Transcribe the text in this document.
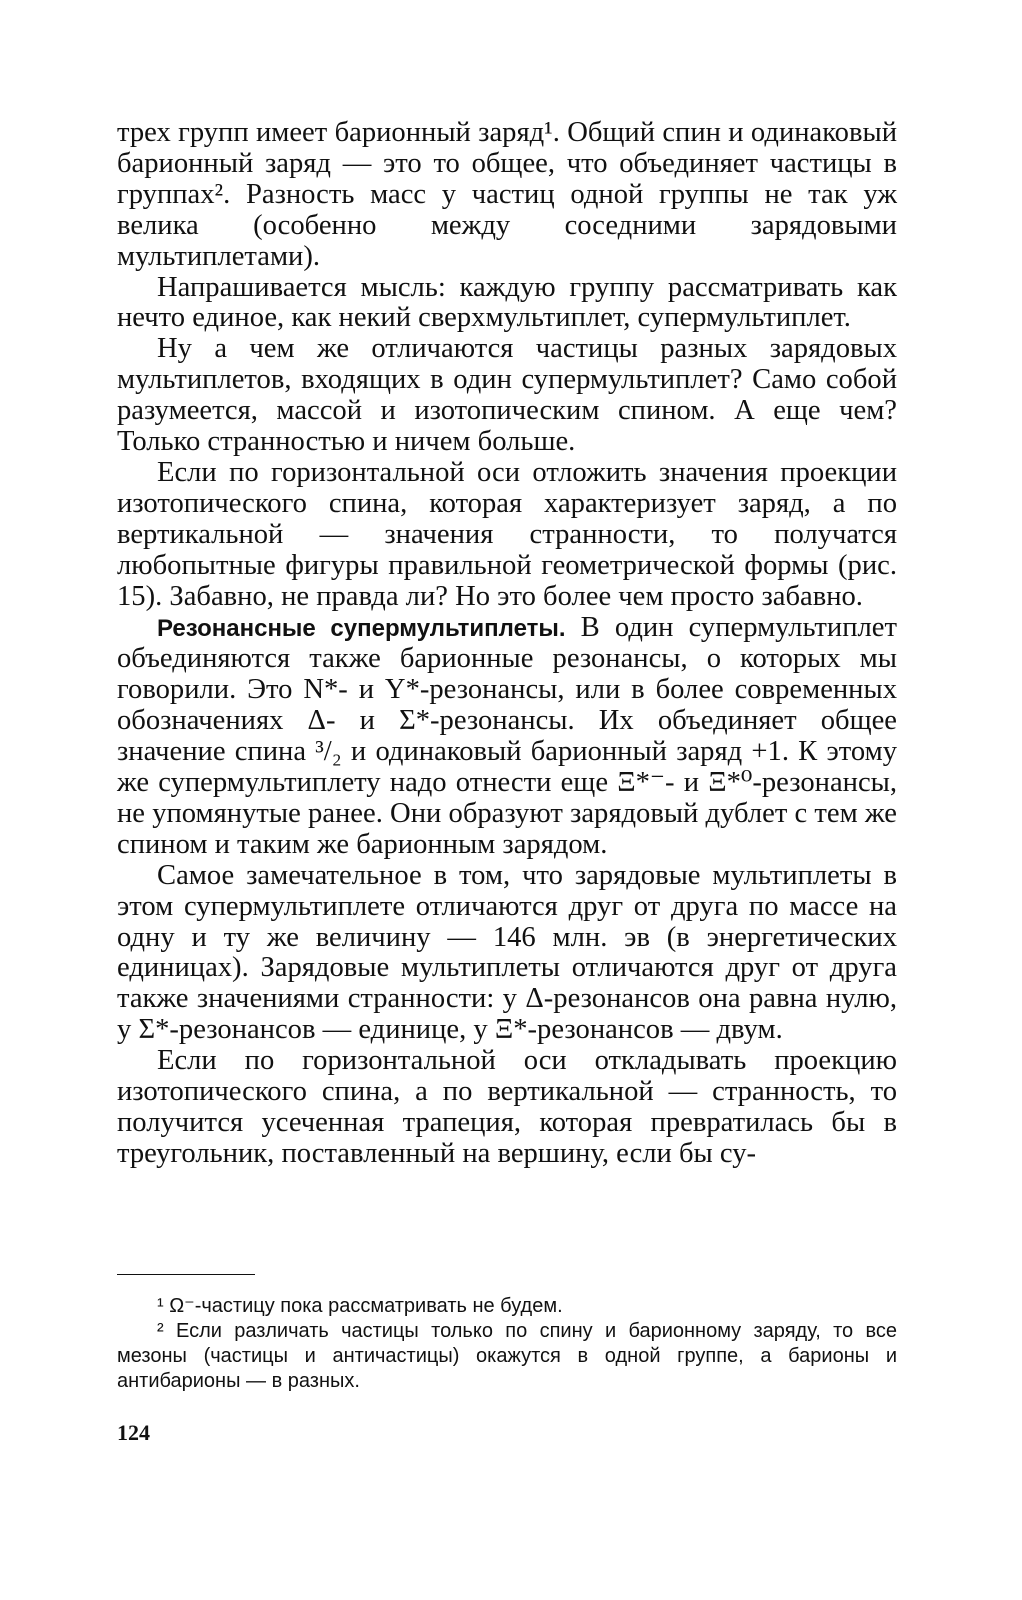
трех групп имеет барионный заряд¹. Общий спин и одинаковый барионный заряд — это то общее, что объединяет частицы в группах². Разность масс у частиц одной группы не так уж велика (особенно между соседними зарядовыми мультиплетами).

Напрашивается мысль: каждую группу рассматривать как нечто единое, как некий сверхмультиплет, супермультиплет.

Ну а чем же отличаются частицы разных зарядовых мультиплетов, входящих в один супермультиплет? Само собой разумеется, массой и изотопическим спином. А еще чем? Только странностью и ничем больше.

Если по горизонтальной оси отложить значения проекции изотопического спина, которая характеризует заряд, а по вертикальной — значения странности, то получатся любопытные фигуры правильной геометрической формы (рис. 15). Забавно, не правда ли? Но это более чем просто забавно.

Резонансные супермультиплеты. В один супермультиплет объединяются также барионные резонансы, о которых мы говорили. Это N*- и Y*-резонансы, или в более современных обозначениях Δ- и Σ*-резонансы. Их объединяет общее значение спина ³/₂ и одинаковый барионный заряд +1. К этому же супермультиплету надо отнести еще Ξ*⁻- и Ξ*⁰-резонансы, не упомянутые ранее. Они образуют зарядовый дублет с тем же спином и таким же барионным зарядом.

Самое замечательное в том, что зарядовые мультиплеты в этом супермультиплете отличаются друг от друга по массе на одну и ту же величину — 146 млн. эв (в энергетических единицах). Зарядовые мультиплеты отличаются друг от друга также значениями странности: у Δ-резонансов она равна нулю, у Σ*-резонансов — единице, у Ξ*-резонансов — двум.

Если по горизонтальной оси откладывать проекцию изотопического спина, а по вертикальной — странность, то получится усеченная трапеция, которая превратилась бы в треугольник, поставленный на вершину, если бы су-

¹ Ω⁻-частицу пока рассматривать не будем.

² Если различать частицы только по спину и барионному заряду, то все мезоны (частицы и античастицы) окажутся в одной группе, а барионы и антибарионы — в разных.

124
